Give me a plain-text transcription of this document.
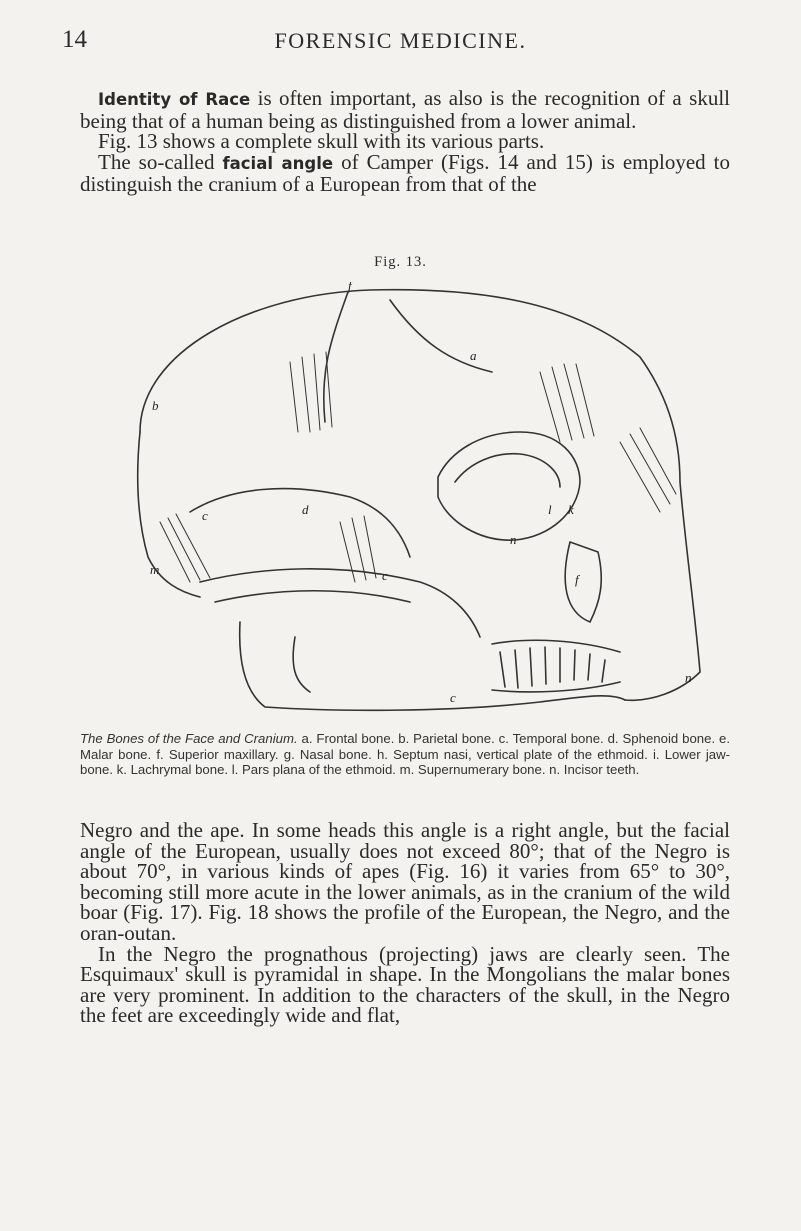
14	FORENSIC MEDICINE.

Identity of Race is often important, as also is the recognition of a skull being that of a human being as distinguished from a lower animal.

Fig. 13 shows a complete skull with its various parts.

The so-called facial angle of Camper (Figs. 14 and 15) is employed to distinguish the cranium of a European from that of the

Fig. 13.
f
a
b
c	d
c
l k
n
m
f
n
c
The Bones of the Face and Cranium. a. Frontal bone. b. Parietal bone. c. Temporal bone. d. Sphenoid bone. e. Malar bone. f. Superior maxillary. g. Nasal bone. h. Septum nasi, vertical plate of the ethmoid. i. Lower jaw-bone. k. Lachrymal bone. l. Pars plana of the ethmoid. m. Supernumerary bone. n. Incisor teeth.

Negro and the ape. In some heads this angle is a right angle, but the facial angle of the European, usually does not exceed 80°; that of the Negro is about 70°, in various kinds of apes (Fig. 16) it varies from 65° to 30°, becoming still more acute in the lower animals, as in the cranium of the wild boar (Fig. 17). Fig. 18 shows the profile of the European, the Negro, and the oran-outan.

In the Negro the prognathous (projecting) jaws are clearly seen. The Esquimaux' skull is pyramidal in shape. In the Mongolians the malar bones are very prominent. In addition to the characters of the skull, in the Negro the feet are exceedingly wide and flat,
